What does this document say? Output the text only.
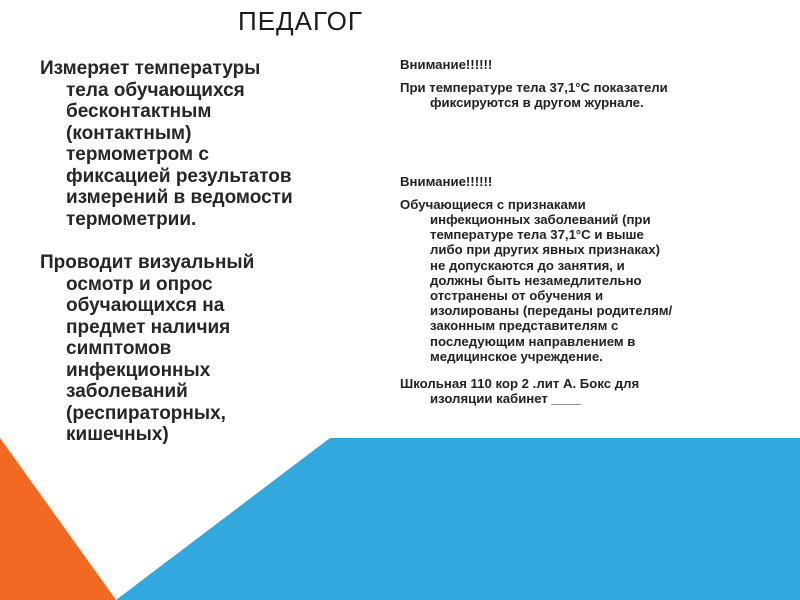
ПЕДАГОГ

Измеряет температуры тела обучающихся бесконтактным (контактным) термометром с фиксацией результатов измерений в ведомости термометрии.

Проводит визуальный осмотр и опрос обучающихся на предмет наличия симптомов инфекционных заболеваний (респираторных, кишечных)

Внимание!!!!!!

При температуре тела 37,1°С показатели фиксируются в другом журнале.

Внимание!!!!!!

Обучающиеся с признаками инфекционных заболеваний (при температуре тела 37,1°С и выше либо при других явных признаках) не допускаются до занятия, и должны быть незамедлительно отстранены от обучения и изолированы (переданы родителям/законным представителям с последующим направлением в медицинское учреждение.

Школьная 110 кор 2 .лит А. Бокс для изоляции кабинет ____
